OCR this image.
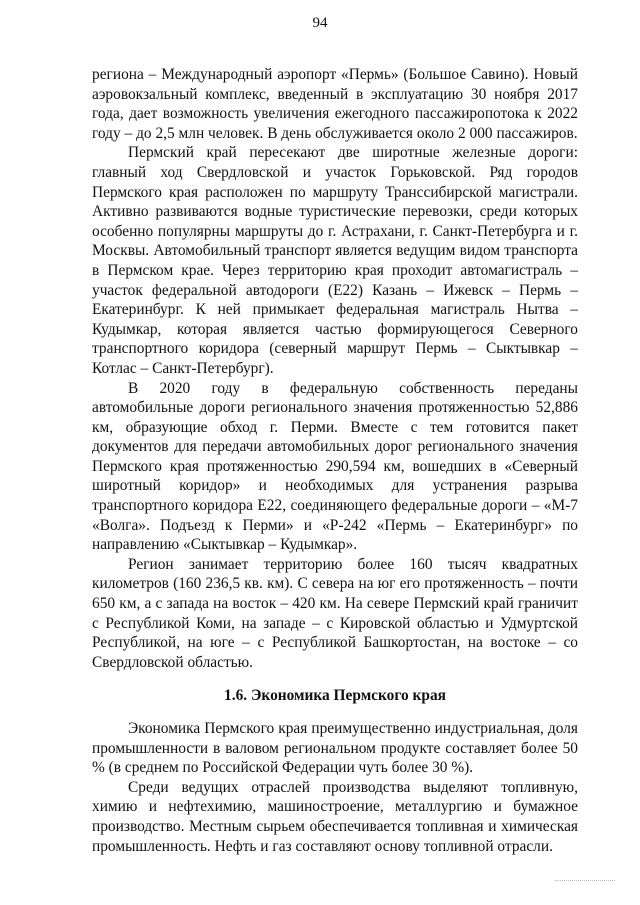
94

региона – Международный аэропорт «Пермь» (Большое Савино). Новый аэровокзальный комплекс, введенный в эксплуатацию 30 ноября 2017 года, дает возможность увеличения ежегодного пассажиропотока к 2022 году – до 2,5 млн человек. В день обслуживается около 2 000 пассажиров.

Пермский край пересекают две широтные железные дороги: главный ход Свердловской и участок Горьковской. Ряд городов Пермского края расположен по маршруту Транссибирской магистрали. Активно развиваются водные туристические перевозки, среди которых особенно популярны маршруты до г. Астрахани, г. Санкт-Петербурга и г. Москвы. Автомобильный транспорт является ведущим видом транспорта в Пермском крае. Через территорию края проходит автомагистраль – участок федеральной автодороги (Е22) Казань – Ижевск – Пермь – Екатеринбург. К ней примыкает федеральная магистраль Нытва – Кудымкар, которая является частью формирующегося Северного транспортного коридора (северный маршрут Пермь – Сыктывкар – Котлас – Санкт-Петербург).

В 2020 году в федеральную собственность переданы автомобильные дороги регионального значения протяженностью 52,886 км, образующие обход г. Перми. Вместе с тем готовится пакет документов для передачи автомобильных дорог регионального значения Пермского края протяженностью 290,594 км, вошедших в «Северный широтный коридор» и необходимых для устранения разрыва транспортного коридора Е22, соединяющего федеральные дороги – «М-7 «Волга». Подъезд к Перми» и «Р-242 «Пермь – Екатеринбург» по направлению «Сыктывкар – Кудымкар».

Регион занимает территорию более 160 тысяч квадратных километров (160 236,5 кв. км). С севера на юг его протяженность – почти 650 км, а с запада на восток – 420 км. На севере Пермский край граничит с Республикой Коми, на западе – с Кировской областью и Удмуртской Республикой, на юге – с Республикой Башкортостан, на востоке – со Свердловской областью.

1.6. Экономика Пермского края

Экономика Пермского края преимущественно индустриальная, доля промышленности в валовом региональном продукте составляет более 50 % (в среднем по Российской Федерации чуть более 30 %).

Среди ведущих отраслей производства выделяют топливную, химию и нефтехимию, машиностроение, металлургию и бумажное производство. Местным сырьем обеспечивается топливная и химическая промышленность. Нефть и газ составляют основу топливной отрасли.
